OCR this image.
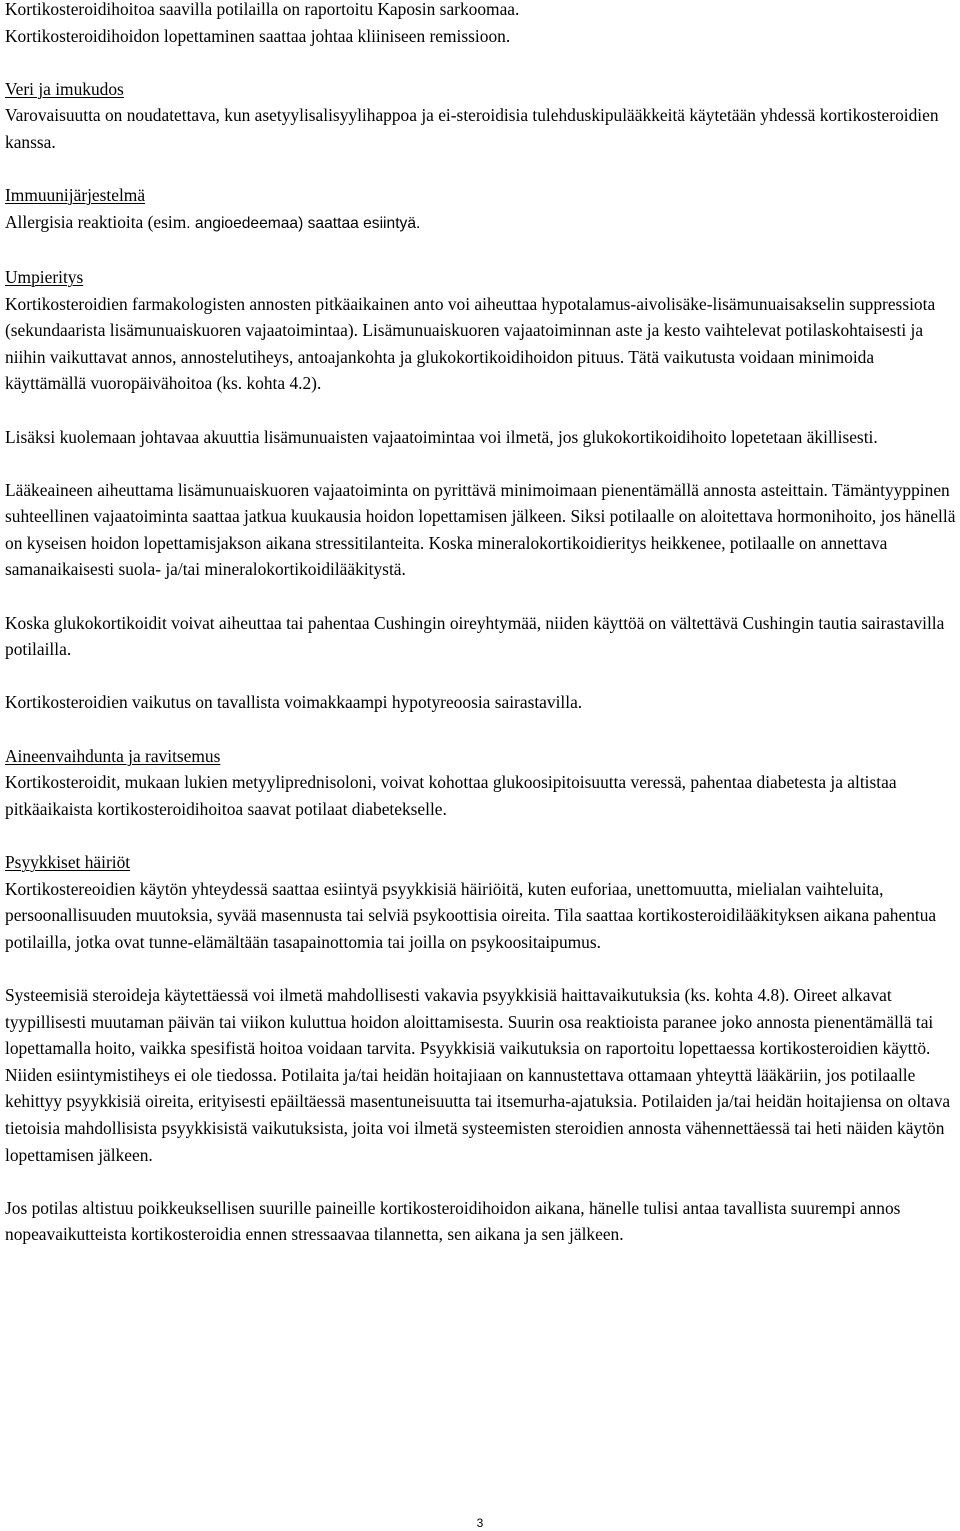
Kortikosteroidihoitoa saavilla potilailla on raportoitu Kaposin sarkoomaa.
Kortikosteroidihoidon lopettaminen saattaa johtaa kliiniseen remissioon.
Veri ja imukudos
Varovaisuutta on noudatettava, kun asetyylisalisyylihappoa ja ei-steroidisia tulehduskipulääkkeitä käytetään yhdessä kortikosteroidien kanssa.
Immuunijärjestelmä
Allergisia reaktioita (esim. angioedeemaa) saattaa esiintyä.
Umpieritys
Kortikosteroidien farmakologisten annosten pitkäaikainen anto voi aiheuttaa hypotalamus-aivolisäke-lisämunuaisakselin suppressiota (sekundaarista lisämunuaiskuoren vajaatoimintaa). Lisämunuaiskuoren vajaatoiminnan aste ja kesto vaihtelevat potilaskohtaisesti ja niihin vaikuttavat annos, annostelutiheys, antoajankohta ja glukokortikoidihoidon pituus. Tätä vaikutusta voidaan minimoida käyttämällä vuoropäivähoitoa (ks. kohta 4.2).
Lisäksi kuolemaan johtavaa akuuttia lisämunuaisten vajaatoimintaa voi ilmetä, jos glukokortikoidihoito lopetetaan äkillisesti.
Lääkeaineen aiheuttama lisämunuaiskuoren vajaatoiminta on pyrittävä minimoimaan pienentämällä annosta asteittain. Tämäntyyppinen suhteellinen vajaatoiminta saattaa jatkua kuukausia hoidon lopettamisen jälkeen. Siksi potilaalle on aloitettava hormonihoito, jos hänellä on kyseisen hoidon lopettamisjakson aikana stressitilanteita. Koska mineralokortikoidieritys heikkenee, potilaalle on annettava samanaikaisesti suola- ja/tai mineralokortikoidilääkitystä.
Koska glukokortikoidit voivat aiheuttaa tai pahentaa Cushingin oireyhtymää, niiden käyttöä on vältettävä Cushingin tautia sairastavilla potilailla.
Kortikosteroidien vaikutus on tavallista voimakkaampi hypotyreoosia sairastavilla.
Aineenvaihdunta ja ravitsemus
Kortikosteroidit, mukaan lukien metyyliprednisoloni, voivat kohottaa glukoosipitoisuutta veressä, pahentaa diabetesta ja altistaa pitkäaikaista kortikosteroidihoitoa saavat potilaat diabetekselle.
Psyykkiset häiriöt
Kortikostereoidien käytön yhteydessä saattaa esiintyä psyykkisiä häiriöitä, kuten euforiaa, unettomuutta, mielialan vaihteluita, persoonallisuuden muutoksia, syvää masennusta tai selviä psykoottisia oireita. Tila saattaa kortikosteroidilääkityksen aikana pahentua potilailla, jotka ovat tunne-elämältään tasapainottomia tai joilla on psykoositaipumus.
Systeemisiä steroideja käytettäessä voi ilmetä mahdollisesti vakavia psyykkisiä haittavaikutuksia (ks. kohta 4.8). Oireet alkavat tyypillisesti muutaman päivän tai viikon kuluttua hoidon aloittamisesta. Suurin osa reaktioista paranee joko annosta pienentämällä tai lopettamalla hoito, vaikka spesifistä hoitoa voidaan tarvita. Psyykkisiä vaikutuksia on raportoitu lopettaessa kortikosteroidien käyttö. Niiden esiintymistiheys ei ole tiedossa. Potilaita ja/tai heidän hoitajiaan on kannustettava ottamaan yhteyttä lääkäriin, jos potilaalle kehittyy psyykkisiä oireita, erityisesti epäiltäessä masentuneisuutta tai itsemurha-ajatuksia. Potilaiden ja/tai heidän hoitajiensa on oltava tietoisia mahdollisista psyykkisistä vaikutuksista, joita voi ilmetä systeemisten steroidien annosta vähennettäessä tai heti näiden käytön lopettamisen jälkeen.
Jos potilas altistuu poikkeuksellisen suurille paineille kortikosteroidihoidon aikana, hänelle tulisi antaa tavallista suurempi annos nopeavaikutteista kortikosteroidia ennen stressaavaa tilannetta, sen aikana ja sen jälkeen.
3
